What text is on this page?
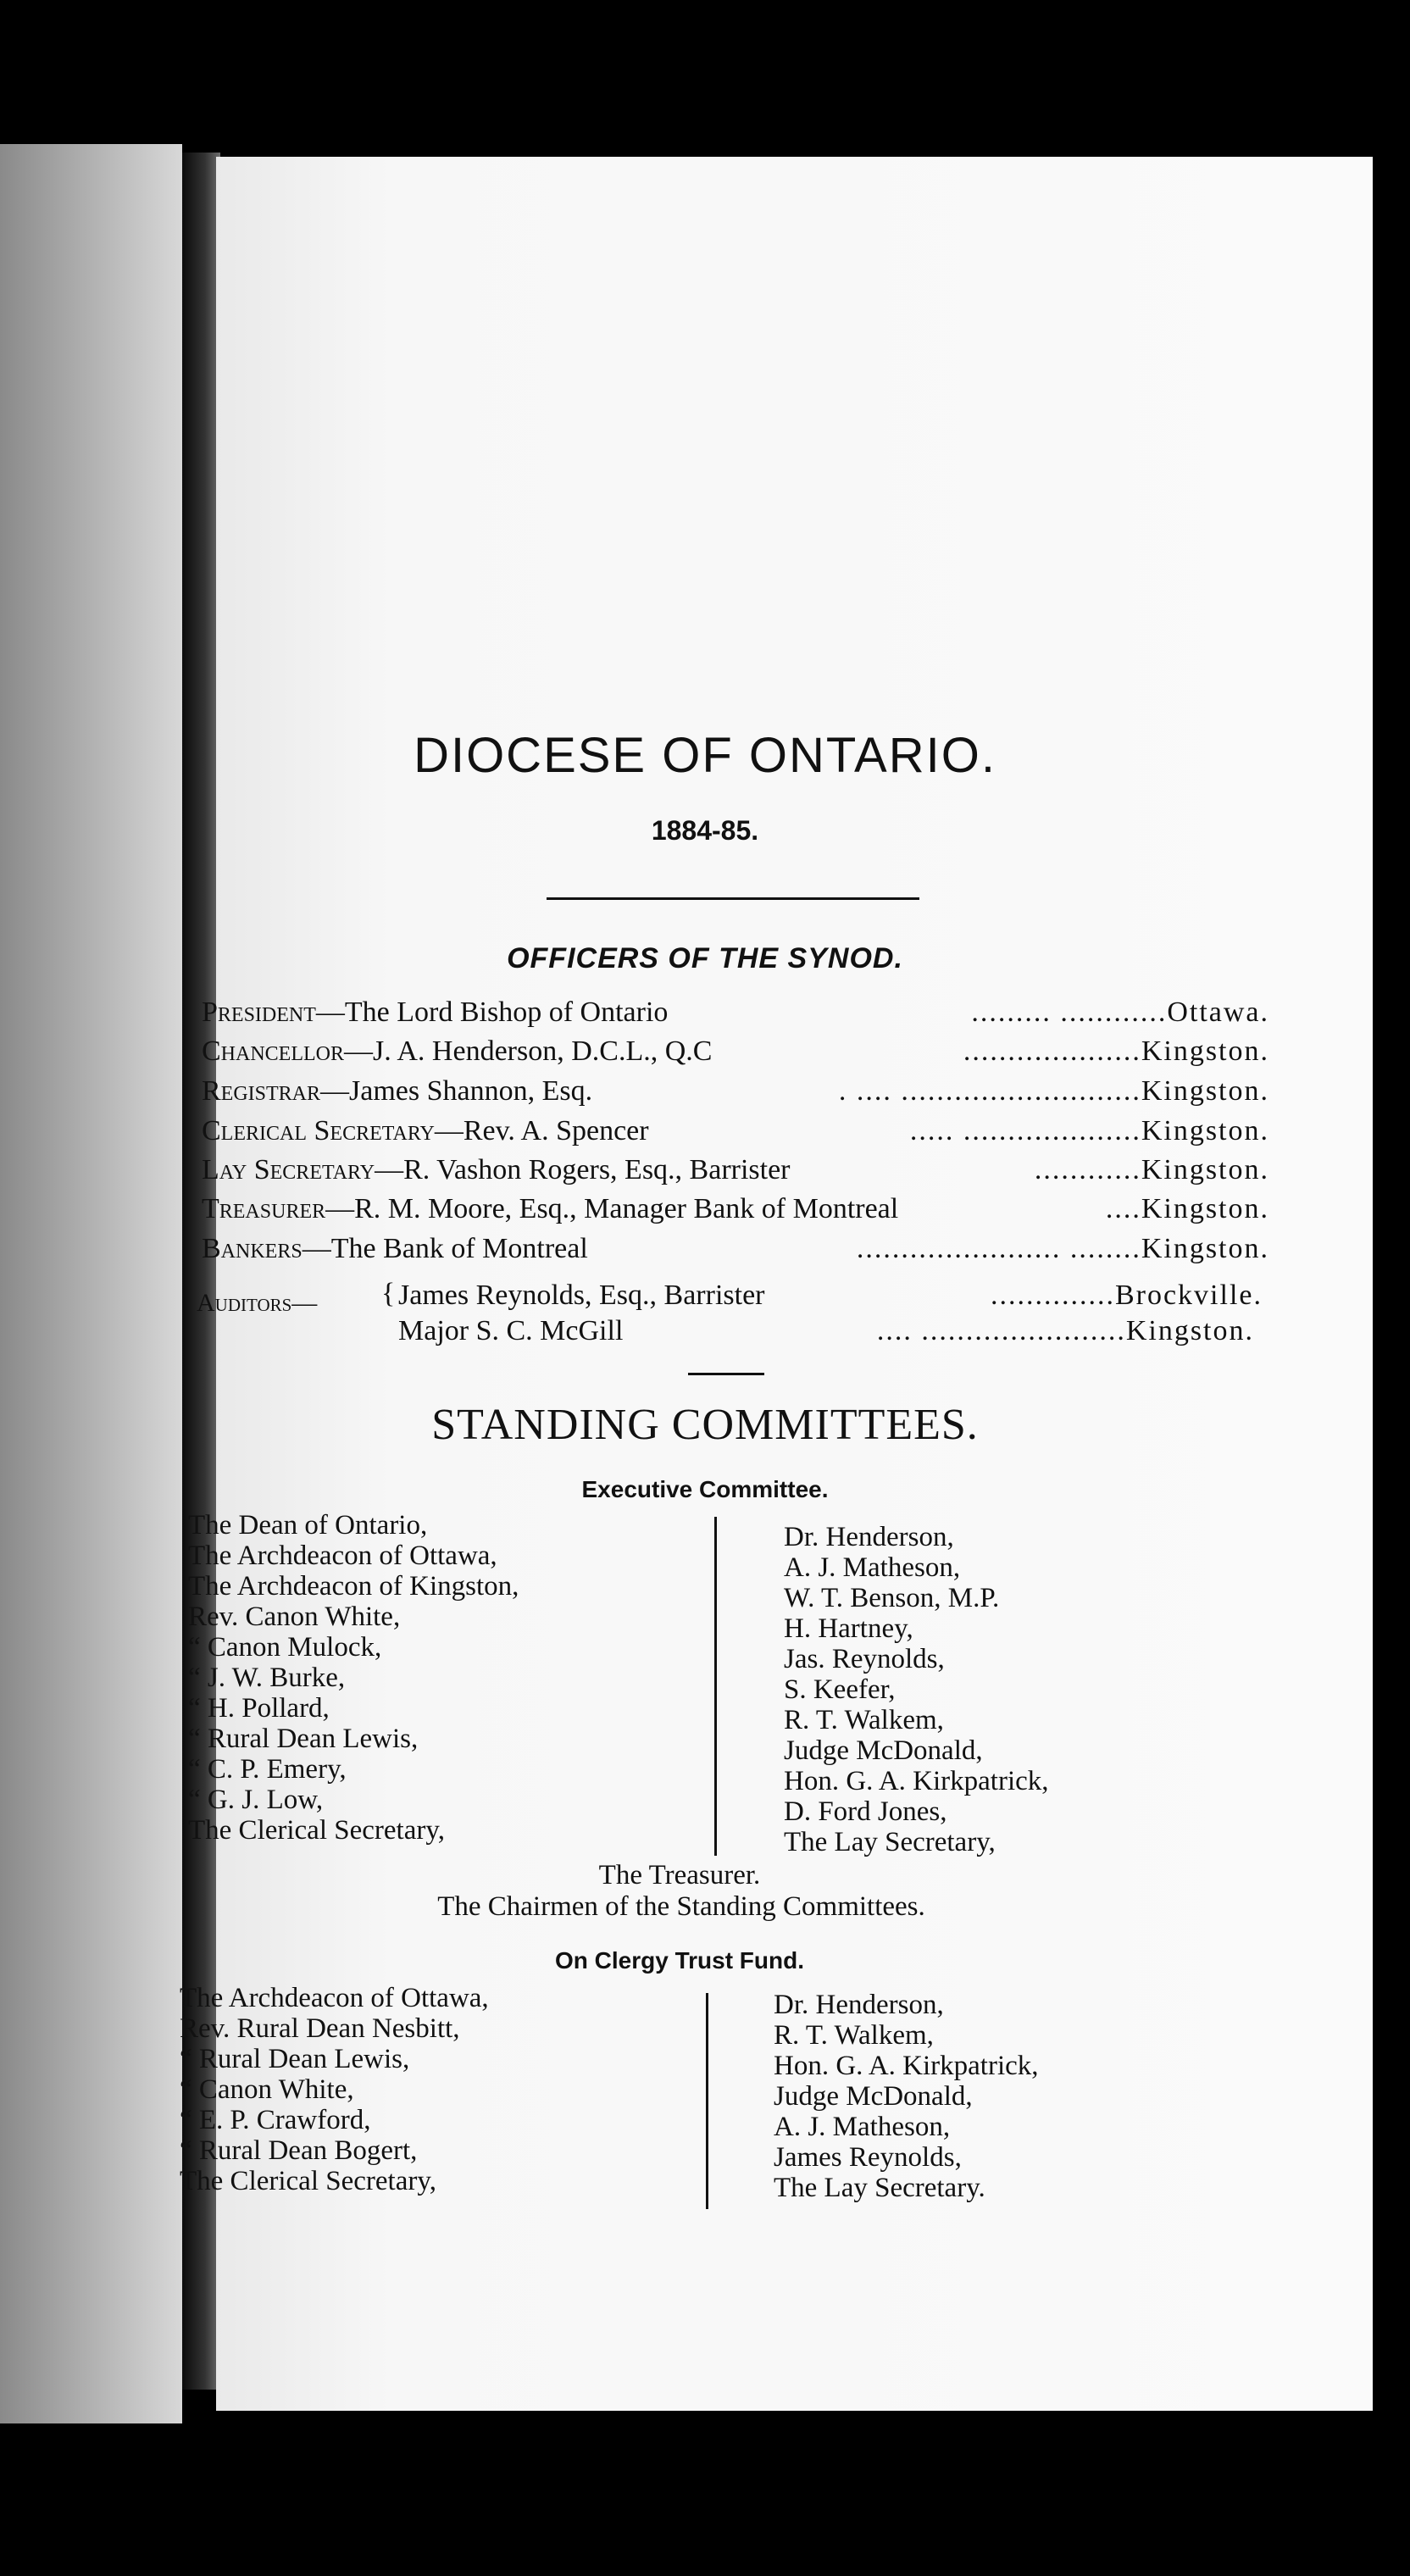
DIOCESE OF ONTARIO.
1884-85.
OFFICERS OF THE SYNOD.
President—The Lord Bishop of Ontario	......... ............Ottawa.
Chancellor—J. A. Henderson, D.C.L., Q.C	....................Kingston.
Registrar—James Shannon, Esq.	. .... ...........................Kingston.
Clerical Secretary—Rev. A. Spencer	..... ....................Kingston.
Lay Secretary—R. Vashon Rogers, Esq., Barrister	............Kingston.
Treasurer—R. M. Moore, Esq., Manager Bank of Montreal	....Kingston.
Bankers—The Bank of Montreal	....................... ........Kingston.
Auditors— { James Reynolds, Esq., Barrister	..............Brockville.
Major S. C. McGill	.... .......................Kingston.
STANDING COMMITTEES.
Executive Committee.
The Dean of Ontario,
The Archdeacon of Ottawa,
The Archdeacon of Kingston,
Rev. Canon White,
“ Canon Mulock,
“ J. W. Burke,
“ H. Pollard,
“ Rural Dean Lewis,
“ C. P. Emery,
“ G. J. Low,
The Clerical Secretary,
Dr. Henderson,
A. J. Matheson,
W. T. Benson, M.P.
H. Hartney,
Jas. Reynolds,
S. Keefer,
R. T. Walkem,
Judge McDonald,
Hon. G. A. Kirkpatrick,
D. Ford Jones,
The Lay Secretary,
The Treasurer.
The Chairmen of the Standing Committees.
On Clergy Trust Fund.
The Archdeacon of Ottawa,
Rev. Rural Dean Nesbitt,
“ Rural Dean Lewis,
“ Canon White,
“ E. P. Crawford,
“ Rural Dean Bogert,
The Clerical Secretary,
Dr. Henderson,
R. T. Walkem,
Hon. G. A. Kirkpatrick,
Judge McDonald,
A. J. Matheson,
James Reynolds,
The Lay Secretary.
